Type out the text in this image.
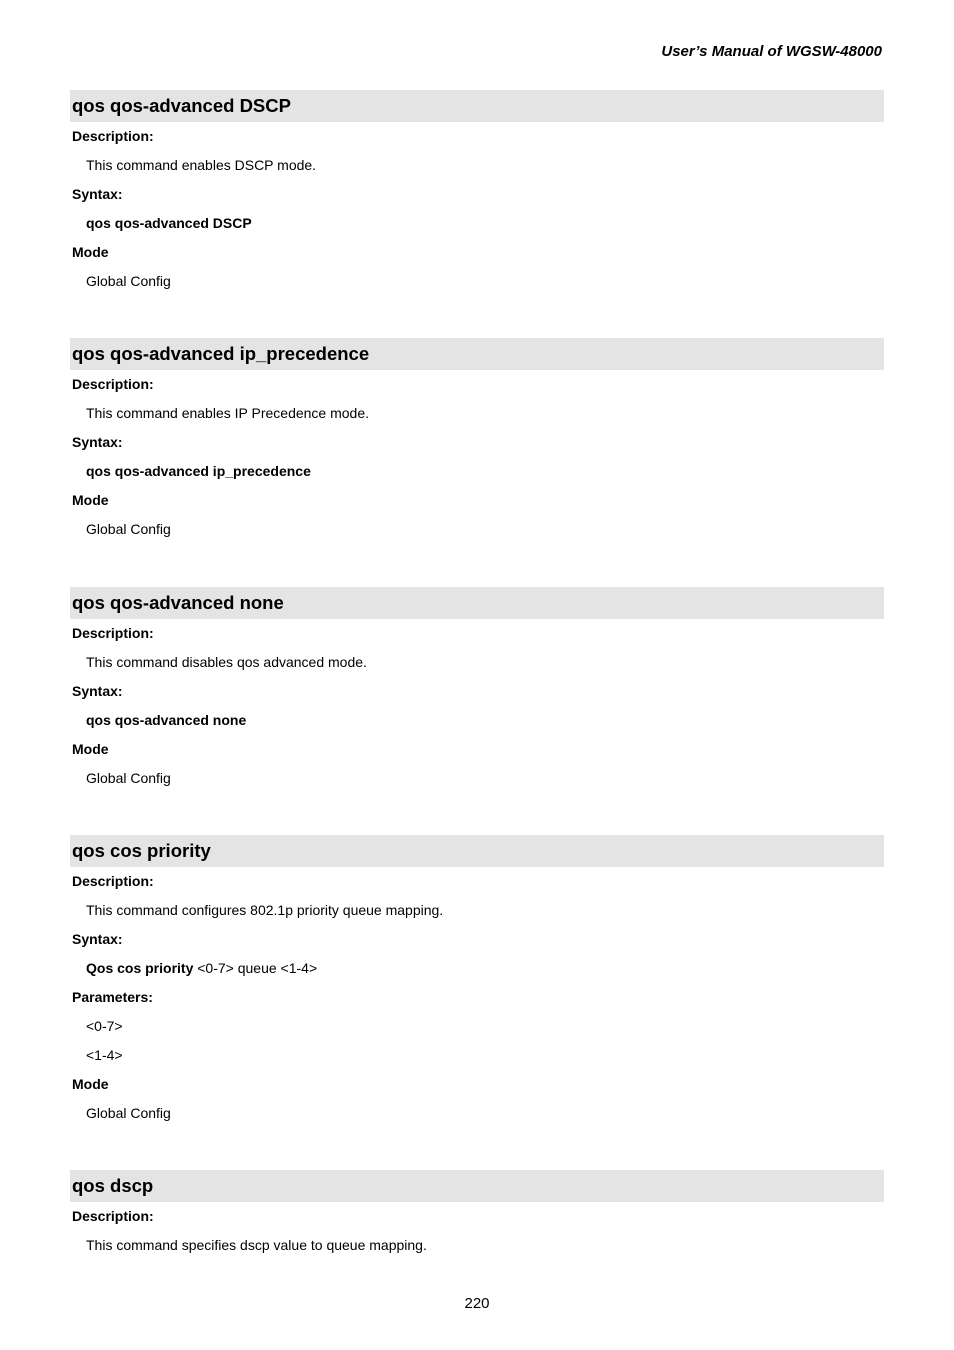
User’s Manual of WGSW-48000
qos qos-advanced DSCP
Description:
This command enables DSCP mode.
Syntax:
qos qos-advanced DSCP
Mode
Global Config
qos qos-advanced ip_precedence
Description:
This command enables IP Precedence mode.
Syntax:
qos qos-advanced ip_precedence
Mode
Global Config
qos qos-advanced none
Description:
This command disables qos advanced mode.
Syntax:
qos qos-advanced none
Mode
Global Config
qos cos priority
Description:
This command configures 802.1p priority queue mapping.
Syntax:
Qos cos priority <0-7> queue <1-4>
Parameters:
<0-7>
<1-4>
Mode
Global Config
qos dscp
Description:
This command specifies dscp value to queue mapping.
220
